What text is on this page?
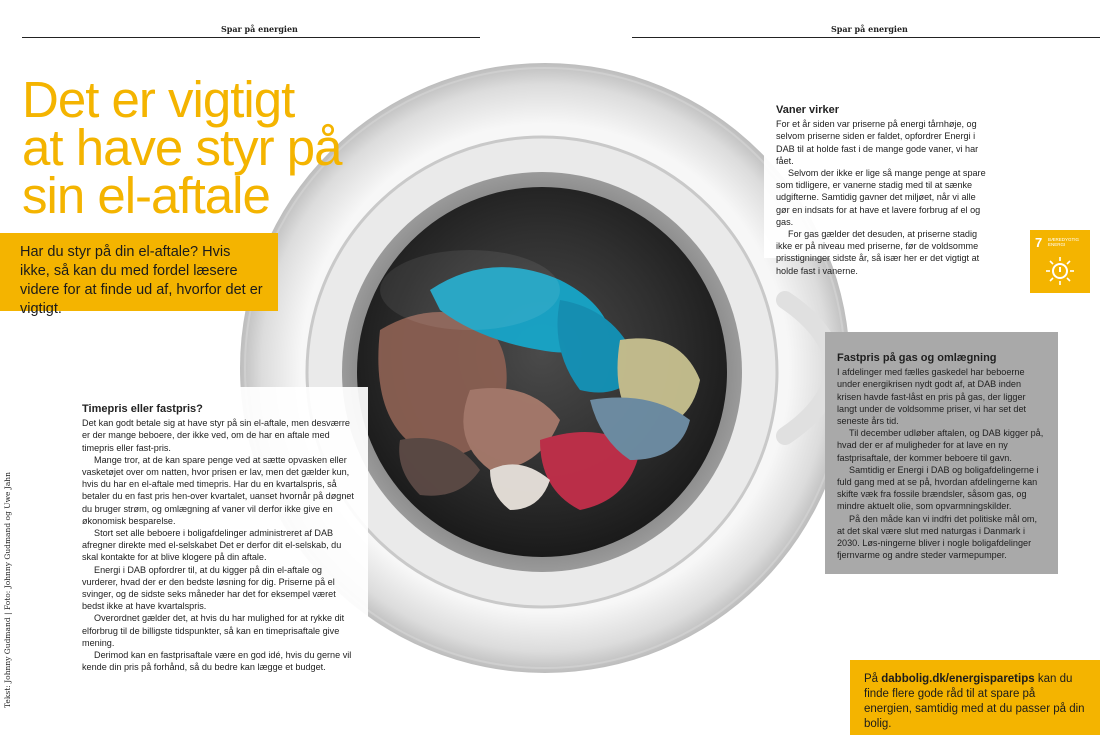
Spar på energien	Spar på energien
Det er vigtigt
at have styr på
sin el-aftale
Har du styr på din el-aftale? Hvis ikke, så kan du med fordel læsere videre for at finde ud af, hvorfor det er vigtigt.
Timepris eller fastpris?

Det kan godt betale sig at have styr på sin el-aftale, men desværre er der mange beboere, der ikke ved, om de har en aftale med timepris eller fast-pris.

Mange tror, at de kan spare penge ved at sætte opvasken eller vasketøjet over om natten, hvor prisen er lav, men det gælder kun, hvis du har en el-aftale med timepris. Har du en kvartalspris, så betaler du en fast pris hen-over kvartalet, uanset hvornår på døgnet du bruger strøm, og omlægning af vaner vil derfor ikke give en økonomisk besparelse.

Stort set alle beboere i boligafdelinger administreret af DAB afregner direkte med el-selskabet Det er derfor dit el-selskab, du skal kontakte for at blive klogere på din aftale.

Energi i DAB opfordrer til, at du kigger på din el-aftale og vurderer, hvad der er den bedste løsning for dig. Priserne på el svinger, og de sidste seks måneder har det for eksempel været bedst ikke at have kvartalspris.

Overordnet gælder det, at hvis du har mulighed for at rykke dit elforbrug til de billigste tidspunkter, så kan en timeprisaftale give mening.

Derimod kan en fastprisaftale være en god idé, hvis du gerne vil kende din pris på forhånd, så du bedre kan lægge et budget.

Vaner virker

For et år siden var priserne på energi tårnhøje, og selvom priserne siden er faldet, opfordrer Energi i DAB til at holde fast i de mange gode vaner, vi har fået.

Selvom der ikke er lige så mange penge at spare som tidligere, er vanerne stadig med til at sænke udgifterne. Samtidig gavner det miljøet, når vi alle gør en indsats for at have et lavere forbrug af el og gas.

For gas gælder det desuden, at priserne stadig ikke er på niveau med priserne, før de voldsomme prisstigninger sidste år, så især her er det vigtigt at holde fast i vanerne.

Fastpris på gas og omlægning

I afdelinger med fælles gaskedel har beboerne under energikrisen nydt godt af, at DAB inden krisen havde fast-låst en pris på gas, der ligger langt under de voldsomme priser, vi har set det seneste års tid.

Til december udløber aftalen, og DAB kigger på, hvad der er af muligheder for at lave en ny fastprisaftale, der kommer beboere til gavn.

Samtidig er Energi i DAB og boligafdelingerne i fuld gang med at se på, hvordan afdelingerne kan skifte væk fra fossile brændsler, såsom gas, og mindre aktuelt olie, som opvarmningskilder.

På den måde kan vi indfri det politiske mål om, at det skal være slut med naturgas i Danmark i 2030. Løs-ningerne bliver i nogle boligafdelinger fjernvarme og andre steder varmepumper.

7 BÆREDYGTIG ENERGI
På dabbolig.dk/energisparetips kan du finde flere gode råd til at spare på energien, samtidig med at du passer på din bolig.
Tekst: Johnny Gudmand | Foto: Johnny Gudmand og Uwe Jahn
